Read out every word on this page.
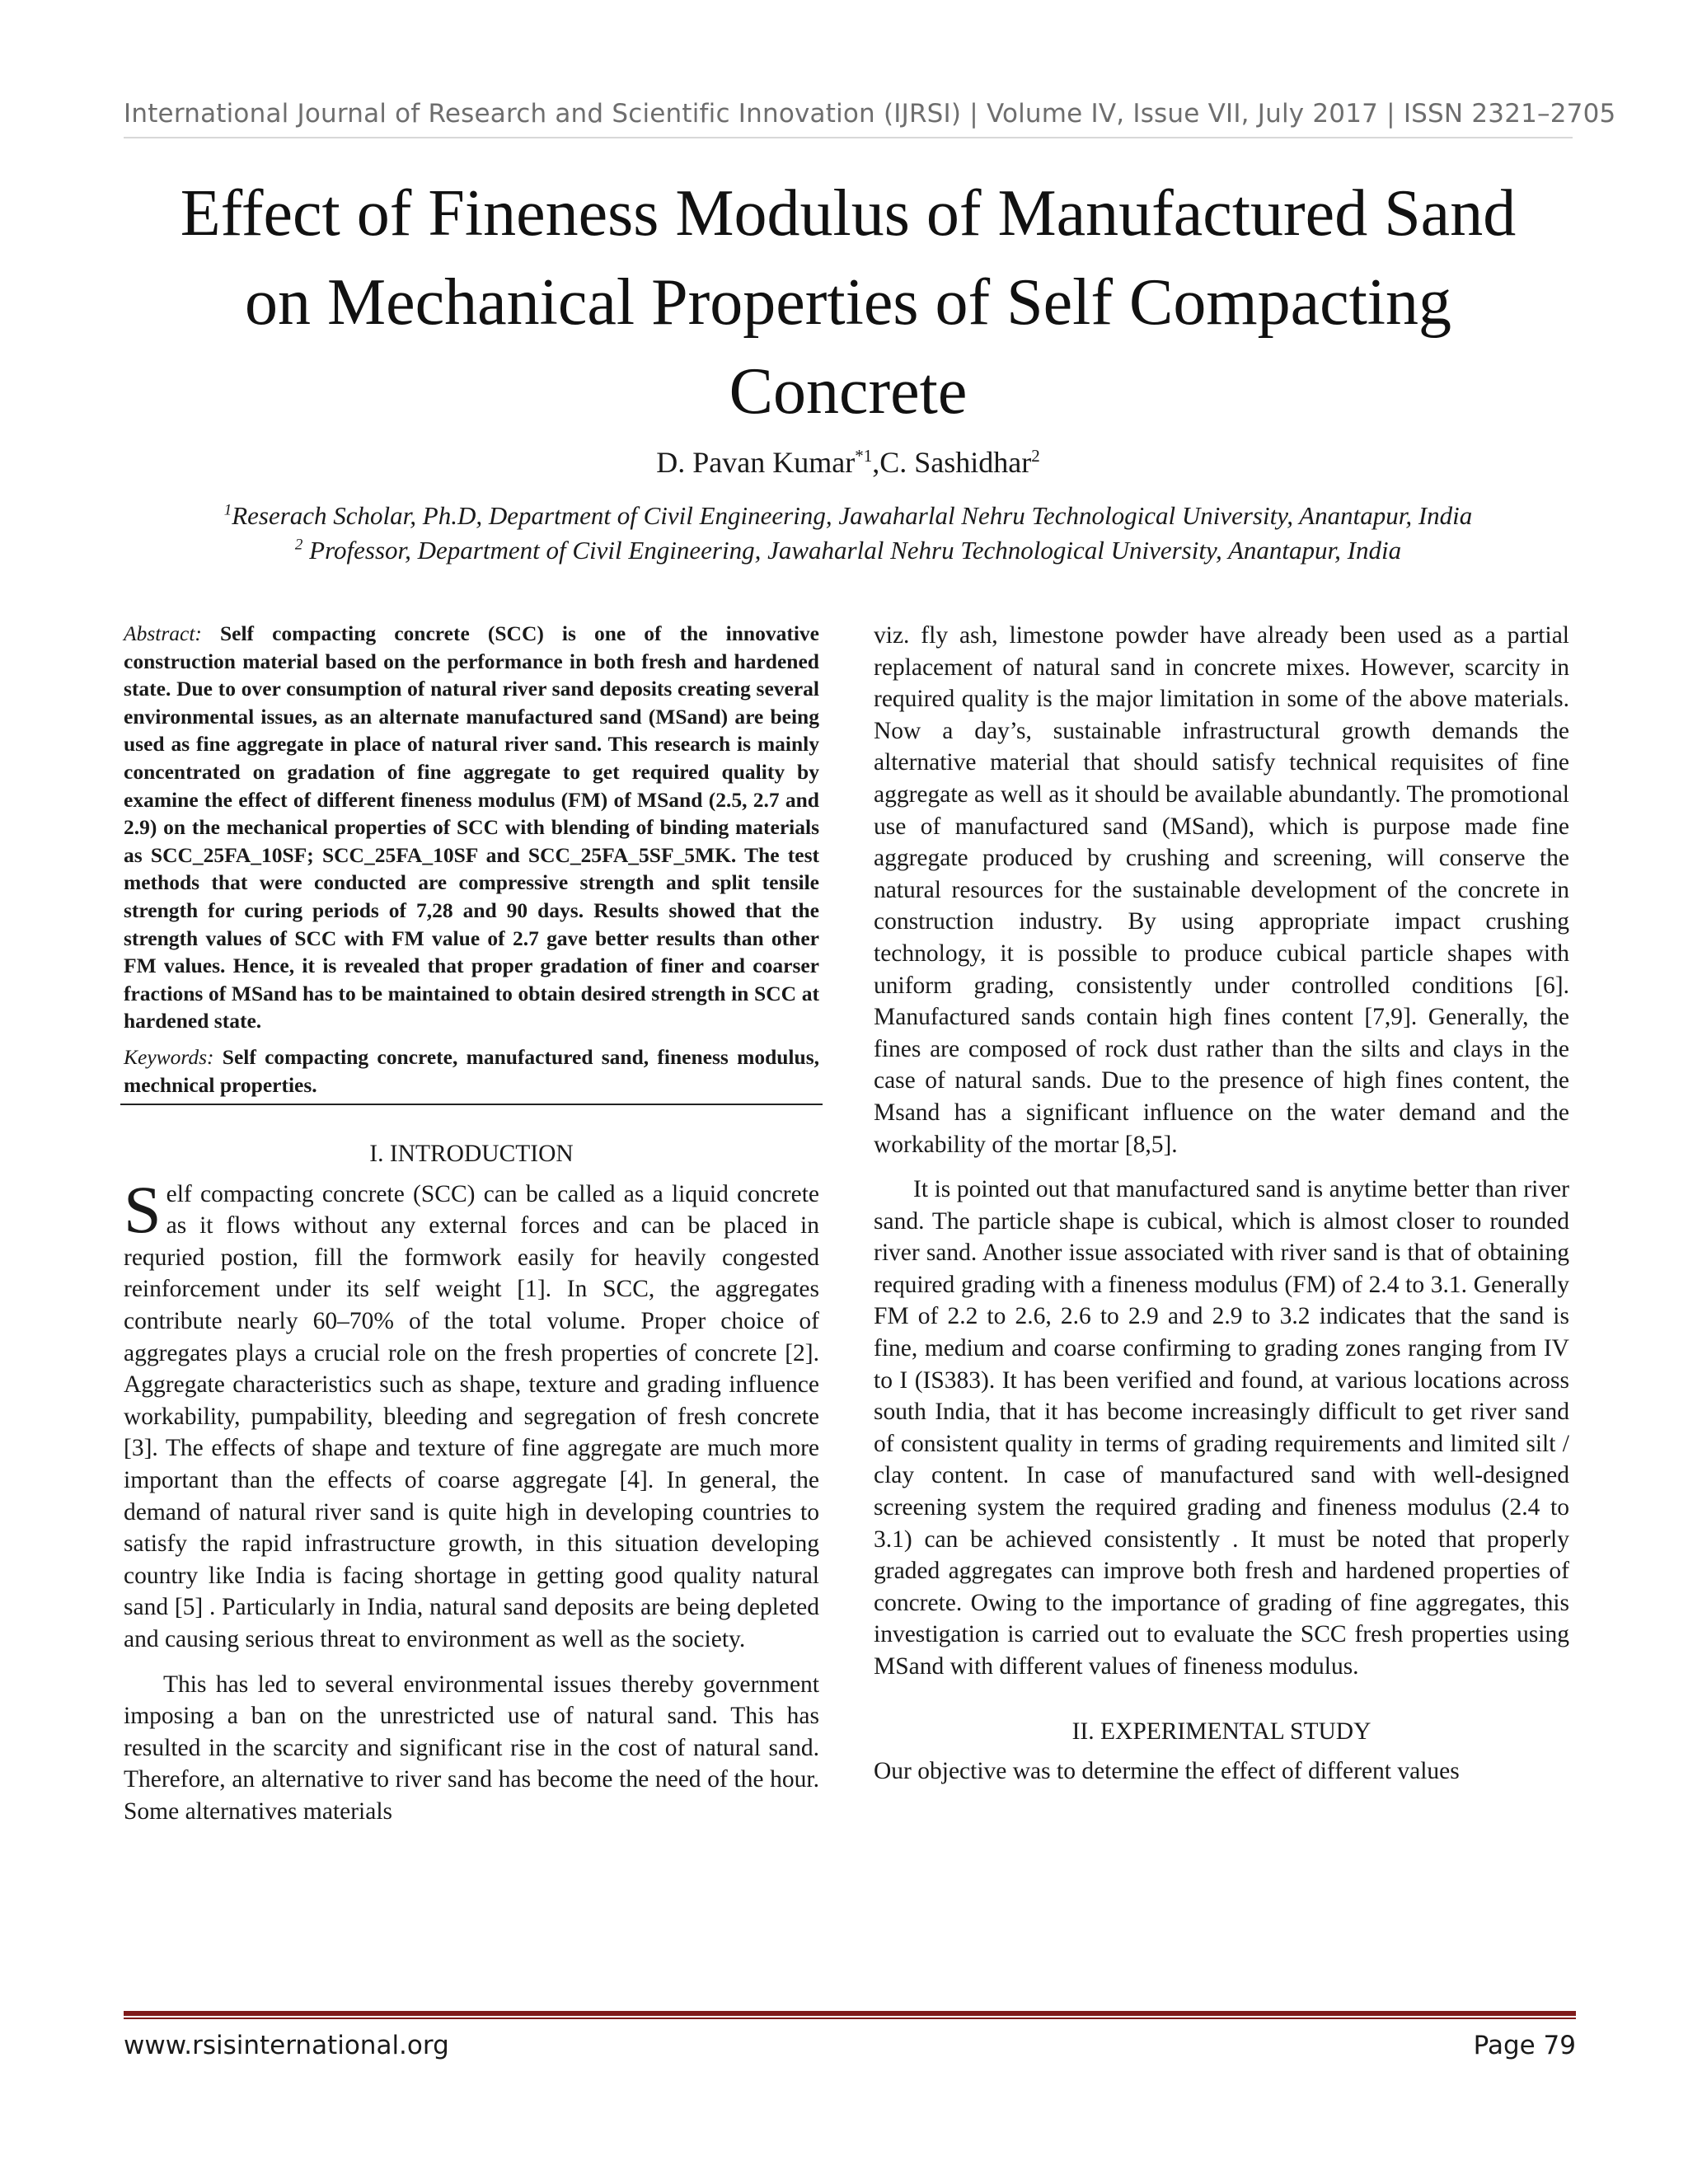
International Journal of Research and Scientific Innovation (IJRSI) | Volume IV, Issue VII, July 2017 | ISSN 2321–2705
Effect of Fineness Modulus of Manufactured Sand
on Mechanical Properties of Self Compacting
Concrete
D. Pavan Kumar$^{*1}$,C. Sashidhar$^2$
$^1$Reserach Scholar, Ph.D, Department of Civil Engineering, Jawaharlal Nehru Technological University, Anantapur, India
$^2$ Professor, Department of Civil Engineering, Jawaharlal Nehru Technological University, Anantapur, India

Abstract: Self compacting concrete (SCC) is one of the innovative construction material based on the performance in both fresh and hardened state. Due to over consumption of natural river sand deposits creating several environmental issues, as an alternate manufactured sand (MSand) are being used as fine aggregate in place of natural river sand. This research is mainly concentrated on gradation of fine aggregate to get required quality by examine the effect of different fineness modulus (FM) of MSand (2.5, 2.7 and 2.9) on the mechanical properties of SCC with blending of binding materials as SCC_25FA_10SF; SCC_25FA_10SF and SCC_25FA_5SF_5MK. The test methods that were conducted are compressive strength and split tensile strength for curing periods of 7,28 and 90 days. Results showed that the strength values of SCC with FM value of 2.7 gave better results than other FM values. Hence, it is revealed that proper gradation of finer and coarser fractions of MSand has to be maintained to obtain desired strength in SCC at hardened state.

Keywords: Self compacting concrete, manufactured sand, fineness modulus, mechnical properties.

I. INTRODUCTION

Self compacting concrete (SCC) can be called as a liquid concrete as it flows without any external forces and can be placed in requried postion, fill the formwork easily for heavily congested reinforcement under its self weight [1]. In SCC, the aggregates contribute nearly 60–70% of the total volume. Proper choice of aggregates plays a crucial role on the fresh properties of concrete [2]. Aggregate characteristics such as shape, texture and grading influence workability, pumpability, bleeding and segregation of fresh concrete [3]. The effects of shape and texture of fine aggregate are much more important than the effects of coarse aggregate [4]. In general, the demand of natural river sand is quite high in developing countries to satisfy the rapid infrastructure growth, in this situation developing country like India is facing shortage in getting good quality natural sand [5] . Particularly in India, natural sand deposits are being depleted and causing serious threat to environment as well as the society.

This has led to several environmental issues thereby government imposing a ban on the unrestricted use of natural sand. This has resulted in the scarcity and significant rise in the cost of natural sand. Therefore, an alternative to river sand has become the need of the hour. Some alternatives materials

viz. fly ash, limestone powder have already been used as a partial replacement of natural sand in concrete mixes. However, scarcity in required quality is the major limitation in some of the above materials. Now a day’s, sustainable infrastructural growth demands the alternative material that should satisfy technical requisites of fine aggregate as well as it should be available abundantly. The promotional use of manufactured sand (MSand), which is purpose made fine aggregate produced by crushing and screening, will conserve the natural resources for the sustainable development of the concrete in construction industry. By using appropriate impact crushing technology, it is possible to produce cubical particle shapes with uniform grading, consistently under controlled conditions [6]. Manufactured sands contain high fines content [7,9]. Generally, the fines are composed of rock dust rather than the silts and clays in the case of natural sands. Due to the presence of high fines content, the Msand has a significant influence on the water demand and the workability of the mortar [8,5].

It is pointed out that manufactured sand is anytime better than river sand. The particle shape is cubical, which is almost closer to rounded river sand. Another issue associated with river sand is that of obtaining required grading with a fineness modulus (FM) of 2.4 to 3.1. Generally FM of 2.2 to 2.6, 2.6 to 2.9 and 2.9 to 3.2 indicates that the sand is fine, medium and coarse confirming to grading zones ranging from IV to I (IS383). It has been verified and found, at various locations across south India, that it has become increasingly difficult to get river sand of consistent quality in terms of grading requirements and limited silt / clay content. In case of manufactured sand with well-designed screening system the required grading and fineness modulus (2.4 to 3.1) can be achieved consistently . It must be noted that properly graded aggregates can improve both fresh and hardened properties of concrete. Owing to the importance of grading of fine aggregates, this investigation is carried out to evaluate the SCC fresh properties using MSand with different values of fineness modulus.

II. EXPERIMENTAL STUDY

Our objective was to determine the effect of different values

www.rsisinternational.org	Page 79
